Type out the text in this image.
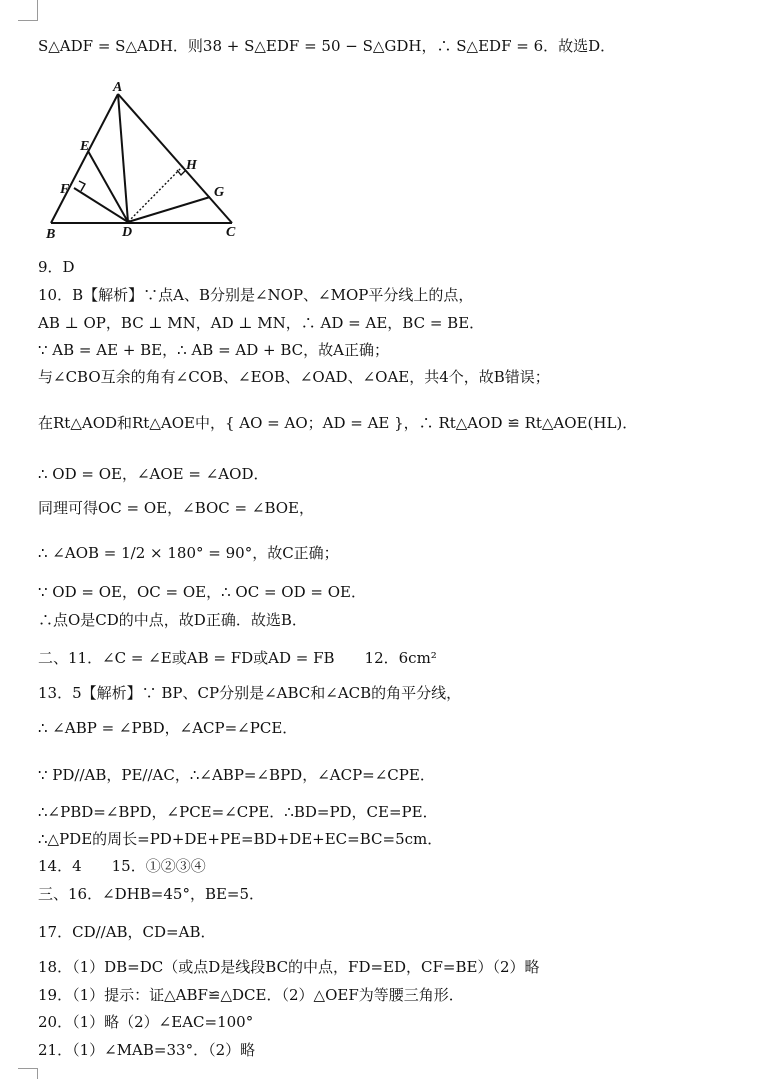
S△ADF = S△ADH．则38 + S△EDF = 50 − S△GDH，∴ S△EDF = 6．故选D．
A
E
H
F	G
B	D	C
9．D
10．B【解析】∵点A、B分别是∠NOP、∠MOP平分线上的点，
AB ⊥ OP，BC ⊥ MN，AD ⊥ MN，∴ AD = AE，BC = BE．
∵ AB = AE + BE，∴ AB = AD + BC，故A正确；
与∠CBO互余的角有∠COB、∠EOB、∠OAD、∠OAE，共4个，故B错误；
在Rt△AOD和Rt△AOE中，{ AO = AO；AD = AE }，∴ Rt△AOD ≌ Rt△AOE(HL)．
∴ OD = OE，∠AOE = ∠AOD．
同理可得OC = OE，∠BOC = ∠BOE，
∴ ∠AOB = 1/2 × 180° = 90°，故C正确；
∵ OD = OE，OC = OE，∴ OC = OD = OE．
∴点O是CD的中点，故D正确．故选B．
二、11．∠C = ∠E或AB = FD或AD = FB　　12．6cm²
13．5【解析】∵ BP、CP分别是∠ABC和∠ACB的角平分线，
∴ ∠ABP = ∠PBD，∠ACP=∠PCE．
∵ PD//AB，PE//AC，∴∠ABP=∠BPD，∠ACP=∠CPE．
∴∠PBD=∠BPD，∠PCE=∠CPE．∴BD=PD，CE=PE．
∴△PDE的周长=PD+DE+PE=BD+DE+EC=BC=5cm．
14．4　　15．①②③④
三、16．∠DHB=45°，BE=5．
17．CD//AB，CD=AB．
18．（1）DB=DC（或点D是线段BC的中点，FD=ED，CF=BE）（2）略
19．（1）提示：证△ABF≌△DCE．（2）△OEF为等腰三角形．
20．（1）略（2）∠EAC=100°
21．（1）∠MAB=33°．（2）略
